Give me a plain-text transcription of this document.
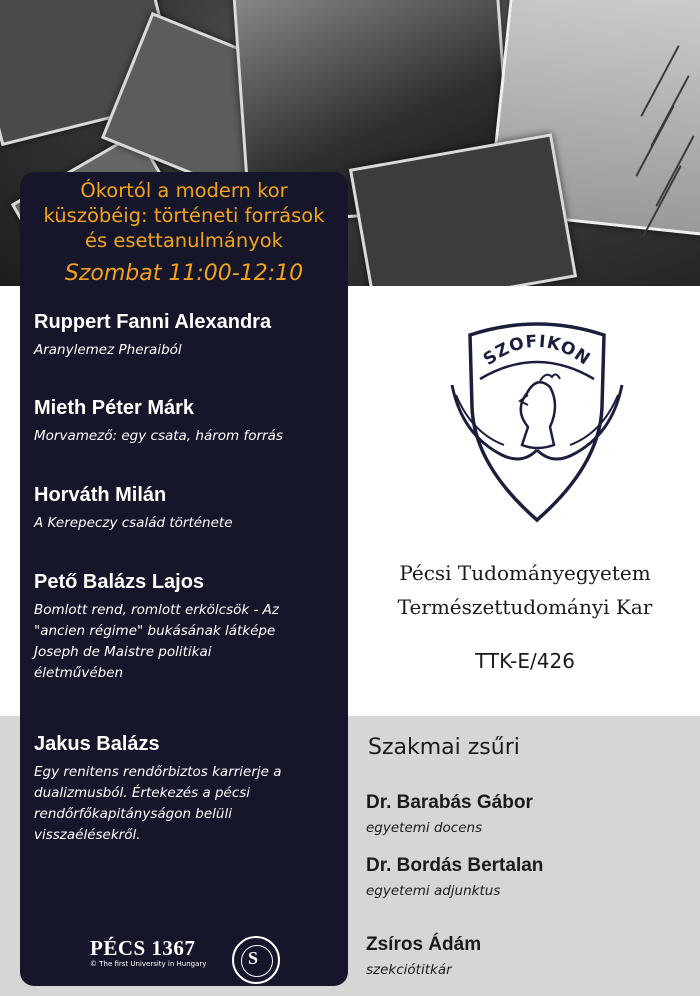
Ókortól a modern kor
küszöbéig: történeti források
és esettanulmányok
Szombat 11:00-12:10
Ruppert Fanni Alexandra
Aranylemez Pheraiból
Mieth Péter Márk
Morvamező: egy csata, három forrás
Horváth Milán
A Kerepeczy család története
Pető Balázs Lajos
Bomlott rend, romlott erkölcsök - Az
"ancien régime" bukásának látképe
Joseph de Maistre politikai
életművében
Jakus Balázs
Egy renitens rendőrbiztos karrierje a
dualizmusból. Értekezés a pécsi
rendőrfőkapitányságon belüli
visszaélésekről.
PÉCS 1367
© The first University in Hungary S
SZOFIKON
Pécsi Tudományegyetem
Természettudományi Kar
TTK-E/426
Szakmai zsűri
Dr. Barabás Gábor
egyetemi docens
Dr. Bordás Bertalan
egyetemi adjunktus
Zsíros Ádám
szekciótitkár
